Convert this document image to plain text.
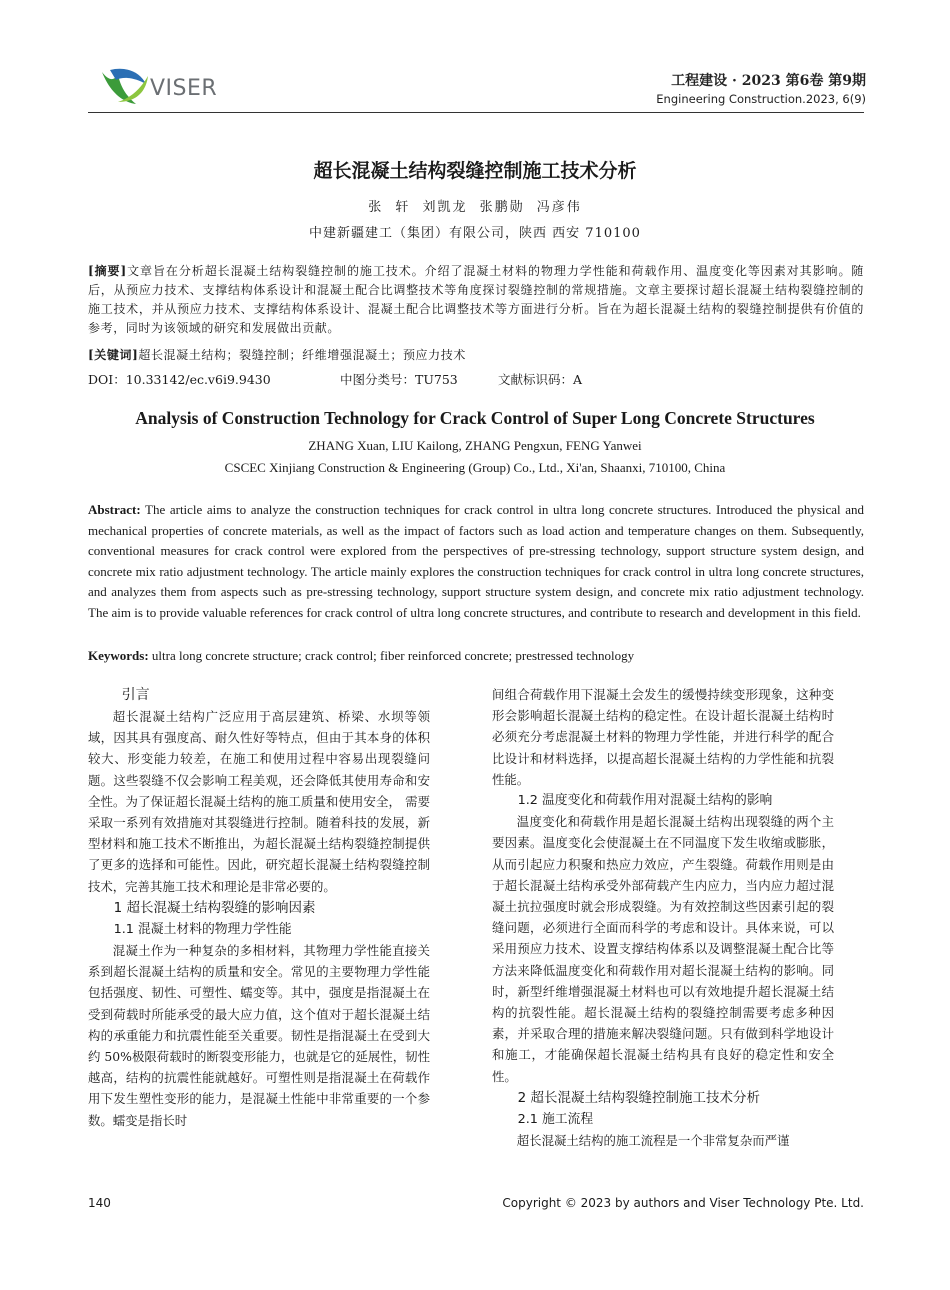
VISER	工程建设 · 2023 第6卷 第9期
Engineering Construction.2023, 6(9)
超长混凝土结构裂缝控制施工技术分析
张 轩 刘凯龙 张鹏勋 冯彦伟
中建新疆建工（集团）有限公司，陕西 西安 710100
[摘要]文章旨在分析超长混凝土结构裂缝控制的施工技术。介绍了混凝土材料的物理力学性能和荷载作用、温度变化等因素对其影响。随后，从预应力技术、支撑结构体系设计和混凝土配合比调整技术等角度探讨裂缝控制的常规措施。文章主要探讨超长混凝土结构裂缝控制的施工技术，并从预应力技术、支撑结构体系设计、混凝土配合比调整技术等方面进行分析。旨在为超长混凝土结构的裂缝控制提供有价值的参考，同时为该领域的研究和发展做出贡献。
[关键词]超长混凝土结构；裂缝控制；纤维增强混凝土；预应力技术
DOI：10.33142/ec.v6i9.9430	中图分类号：TU753	文献标识码：A
Analysis of Construction Technology for Crack Control of Super Long Concrete Structures
ZHANG Xuan, LIU Kailong, ZHANG Pengxun, FENG Yanwei
CSCEC Xinjiang Construction & Engineering (Group) Co., Ltd., Xi'an, Shaanxi, 710100, China
Abstract: The article aims to analyze the construction techniques for crack control in ultra long concrete structures. Introduced the physical and mechanical properties of concrete materials, as well as the impact of factors such as load action and temperature changes on them. Subsequently, conventional measures for crack control were explored from the perspectives of pre-stressing technology, support structure system design, and concrete mix ratio adjustment technology. The article mainly explores the construction techniques for crack control in ultra long concrete structures, and analyzes them from aspects such as pre-stressing technology, support structure system design, and concrete mix ratio adjustment technology. The aim is to provide valuable references for crack control of ultra long concrete structures, and contribute to research and development in this field.
Keywords: ultra long concrete structure; crack control; fiber reinforced concrete; prestressed technology

引言

超长混凝土结构广泛应用于高层建筑、桥梁、水坝等领域，因其具有强度高、耐久性好等特点，但由于其本身的体积较大、形变能力较差，在施工和使用过程中容易出现裂缝问题。这些裂缝不仅会影响工程美观，还会降低其使用寿命和安全性。为了保证超长混凝土结构的施工质量和使用安全， 需要采取一系列有效措施对其裂缝进行控制。随着科技的发展，新型材料和施工技术不断推出，为超长混凝土结构裂缝控制提供了更多的选择和可能性。因此，研究超长混凝土结构裂缝控制技术，完善其施工技术和理论是非常必要的。

1 超长混凝土结构裂缝的影响因素

1.1 混凝土材料的物理力学性能

混凝土作为一种复杂的多相材料，其物理力学性能直接关系到超长混凝土结构的质量和安全。常见的主要物理力学性能包括强度、韧性、可塑性、蠕变等。其中，强度是指混凝土在受到荷载时所能承受的最大应力值，这个值对于超长混凝土结构的承重能力和抗震性能至关重要。韧性是指混凝土在受到大约 50%极限荷载时的断裂变形能力，也就是它的延展性，韧性越高，结构的抗震性能就越好。可塑性则是指混凝土在荷载作用下发生塑性变形的能力，是混凝土性能中非常重要的一个参数。蠕变是指长时

间组合荷载作用下混凝土会发生的缓慢持续变形现象，这种变形会影响超长混凝土结构的稳定性。在设计超长混凝土结构时必须充分考虑混凝土材料的物理力学性能，并进行科学的配合比设计和材料选择，以提高超长混凝土结构的力学性能和抗裂性能。

1.2 温度变化和荷载作用对混凝土结构的影响

温度变化和荷载作用是超长混凝土结构出现裂缝的两个主要因素。温度变化会使混凝土在不同温度下发生收缩或膨胀，从而引起应力积聚和热应力效应，产生裂缝。荷载作用则是由于超长混凝土结构承受外部荷载产生内应力，当内应力超过混凝土抗拉强度时就会形成裂缝。为有效控制这些因素引起的裂缝问题，必须进行全面而科学的考虑和设计。具体来说，可以采用预应力技术、设置支撑结构体系以及调整混凝土配合比等方法来降低温度变化和荷载作用对超长混凝土结构的影响。同时，新型纤维增强混凝土材料也可以有效地提升超长混凝土结构的抗裂性能。超长混凝土结构的裂缝控制需要考虑多种因素，并采取合理的措施来解决裂缝问题。只有做到科学地设计和施工，才能确保超长混凝土结构具有良好的稳定性和安全性。

2 超长混凝土结构裂缝控制施工技术分析

2.1 施工流程

超长混凝土结构的施工流程是一个非常复杂而严谨

140	Copyright © 2023 by authors and Viser Technology Pte. Ltd.
